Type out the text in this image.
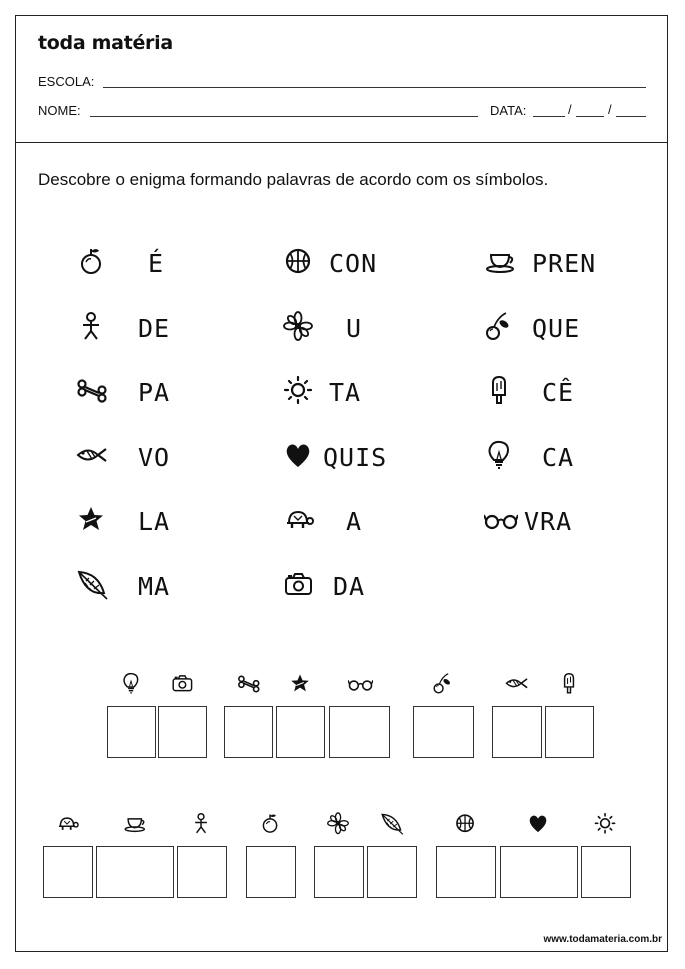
toda matéria
ESCOLA:
NOME:	DATA:	/	/
Descobre o enigma formando palavras de acordo com os símbolos.
É	CON	PREN
DE	U	QUE
PA	TA	CÊ
VO	QUIS	CA
LA	A	VRA
MA	DA
www.todamateria.com.br
